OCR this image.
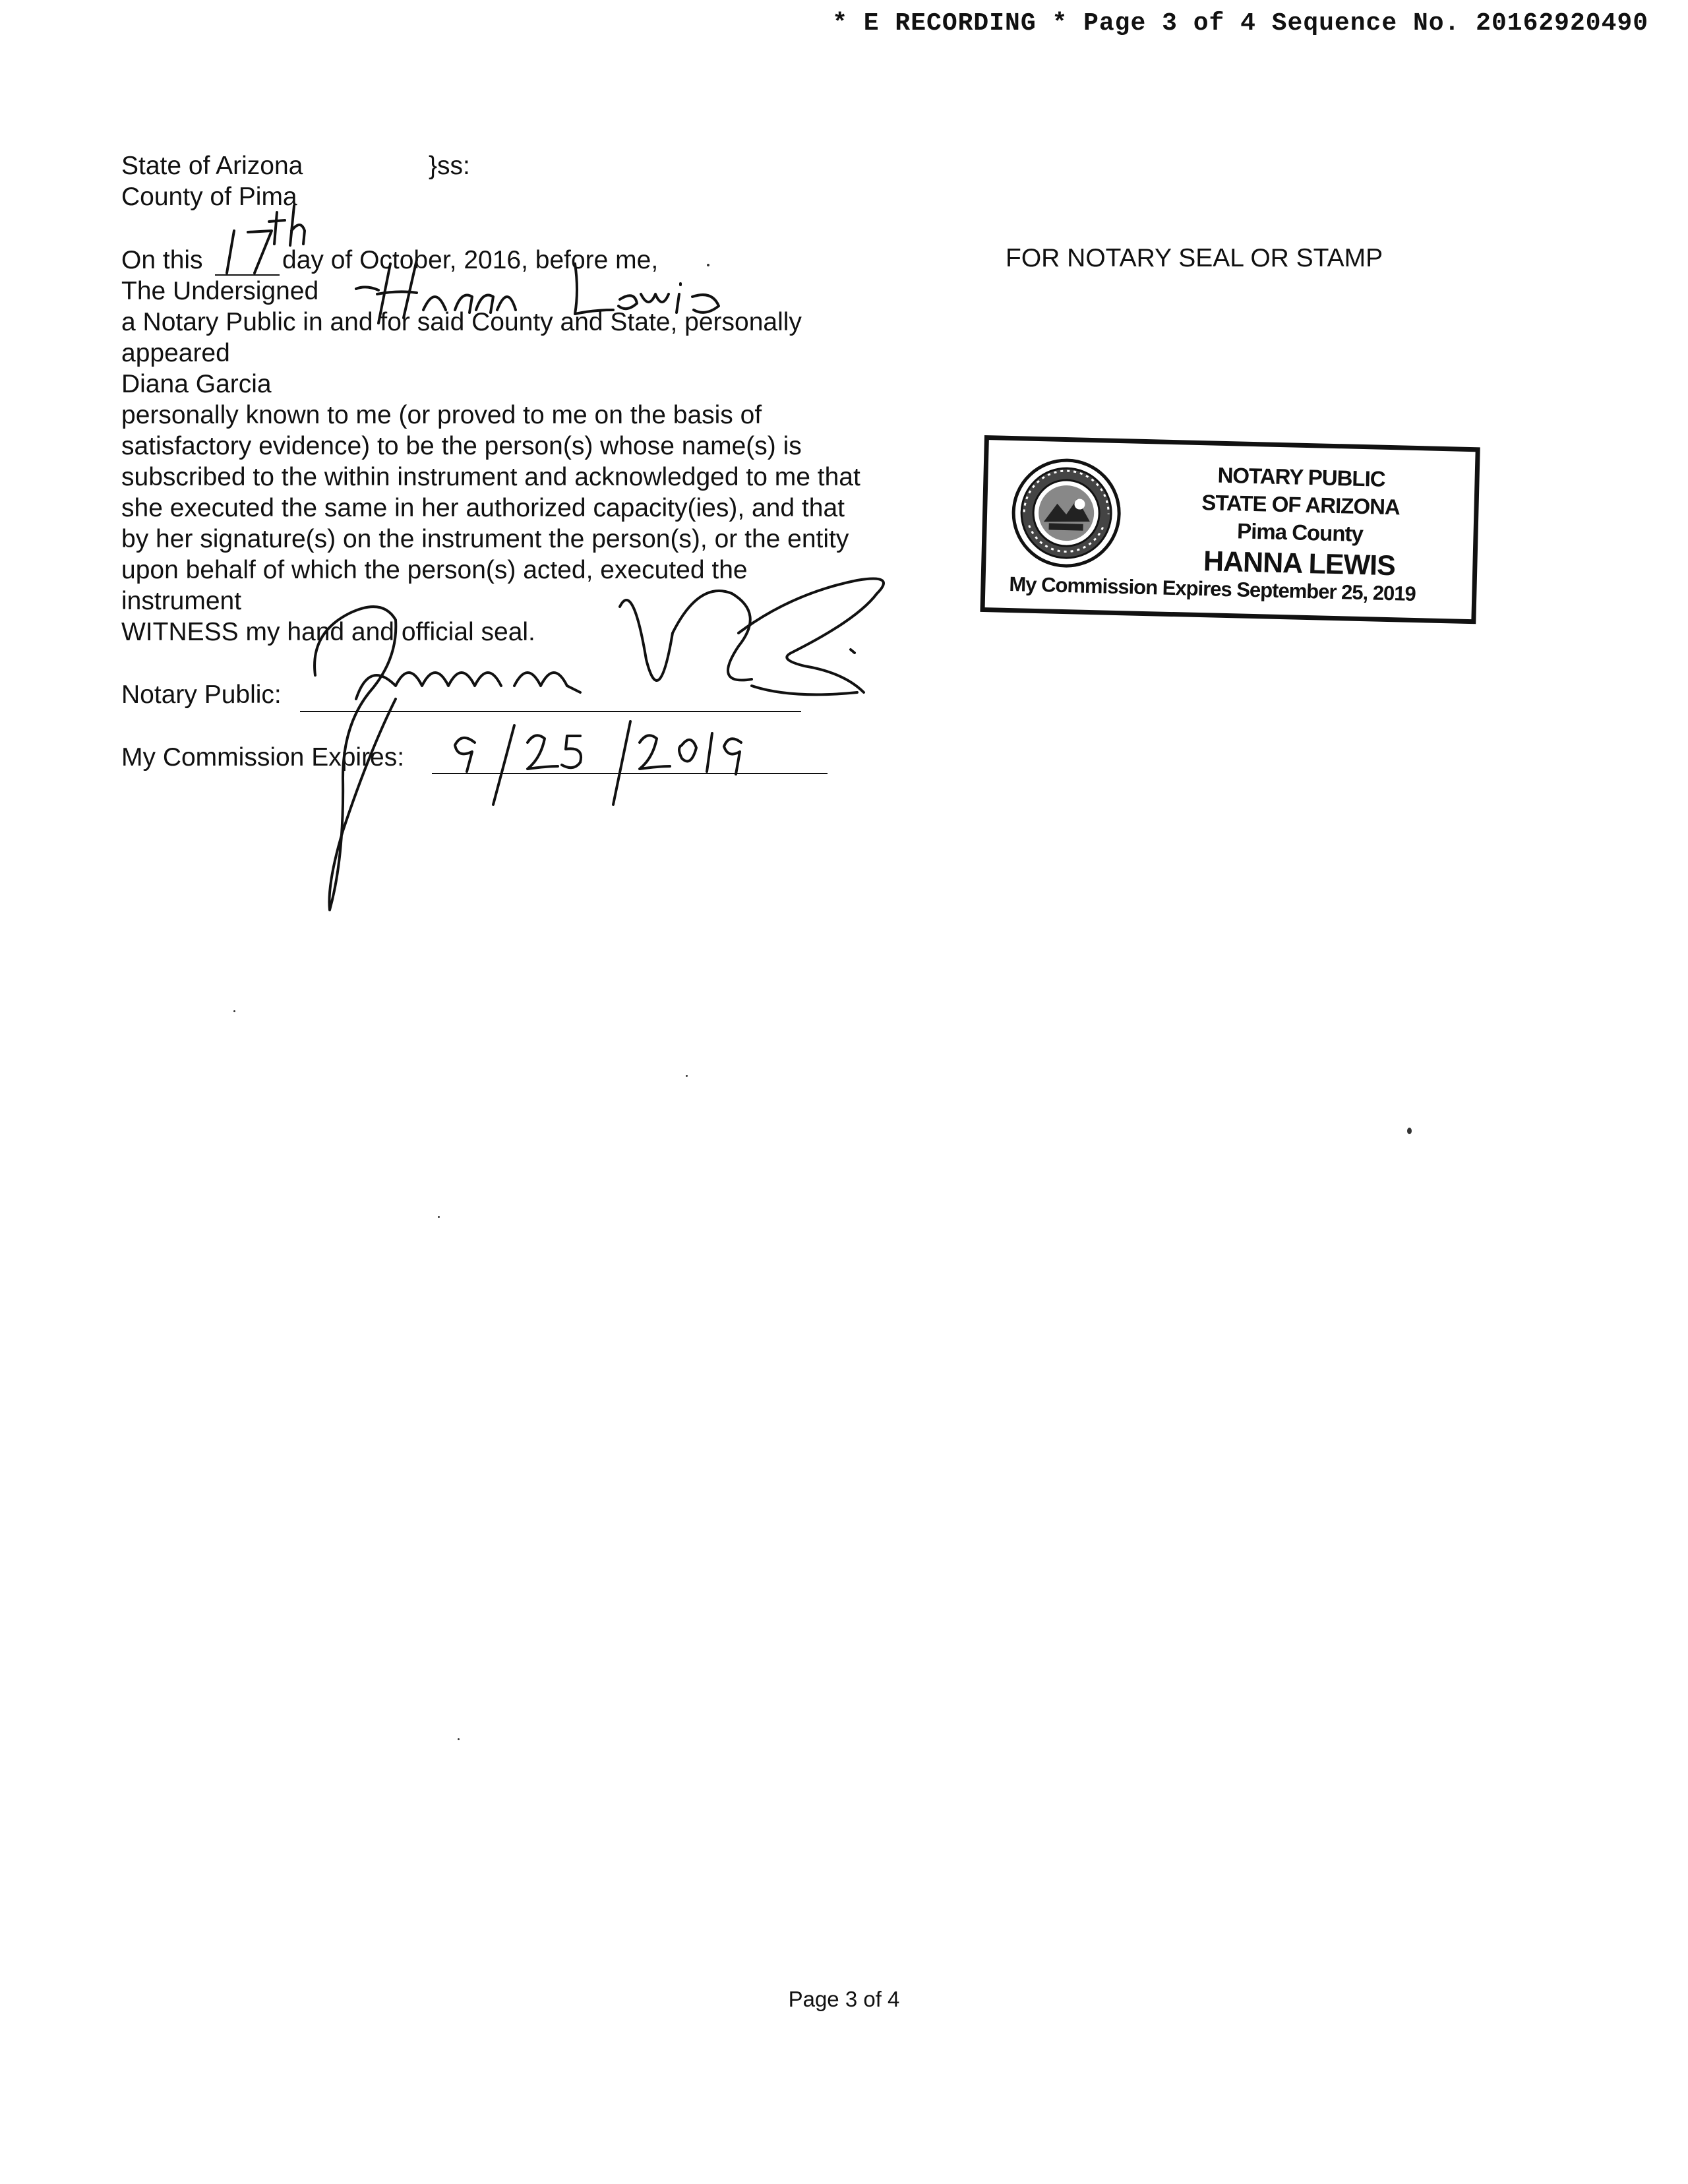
* E RECORDING * Page 3 of 4 Sequence No. 20162920490
State of Arizona	}ss:
County of Pima
On this	day of October, 2016, before me,
The Undersigned
a Notary Public in and for said County and State, personally
appeared
Diana Garcia
personally known to me (or proved to me on the basis of
satisfactory evidence) to be the person(s) whose name(s) is
subscribed to the within instrument and acknowledged to me that
she executed the same in her authorized capacity(ies), and that
by her signature(s) on the instrument the person(s), or the entity
upon behalf of which the person(s) acted, executed the
instrument
WITNESS my hand and official seal.
Notary Public:
My Commission Expires:
FOR NOTARY SEAL OR STAMP
NOTARY PUBLIC
STATE OF ARIZONA
Pima County
HANNA LEWIS
My Commission Expires September 25, 2019
Page 3 of 4
